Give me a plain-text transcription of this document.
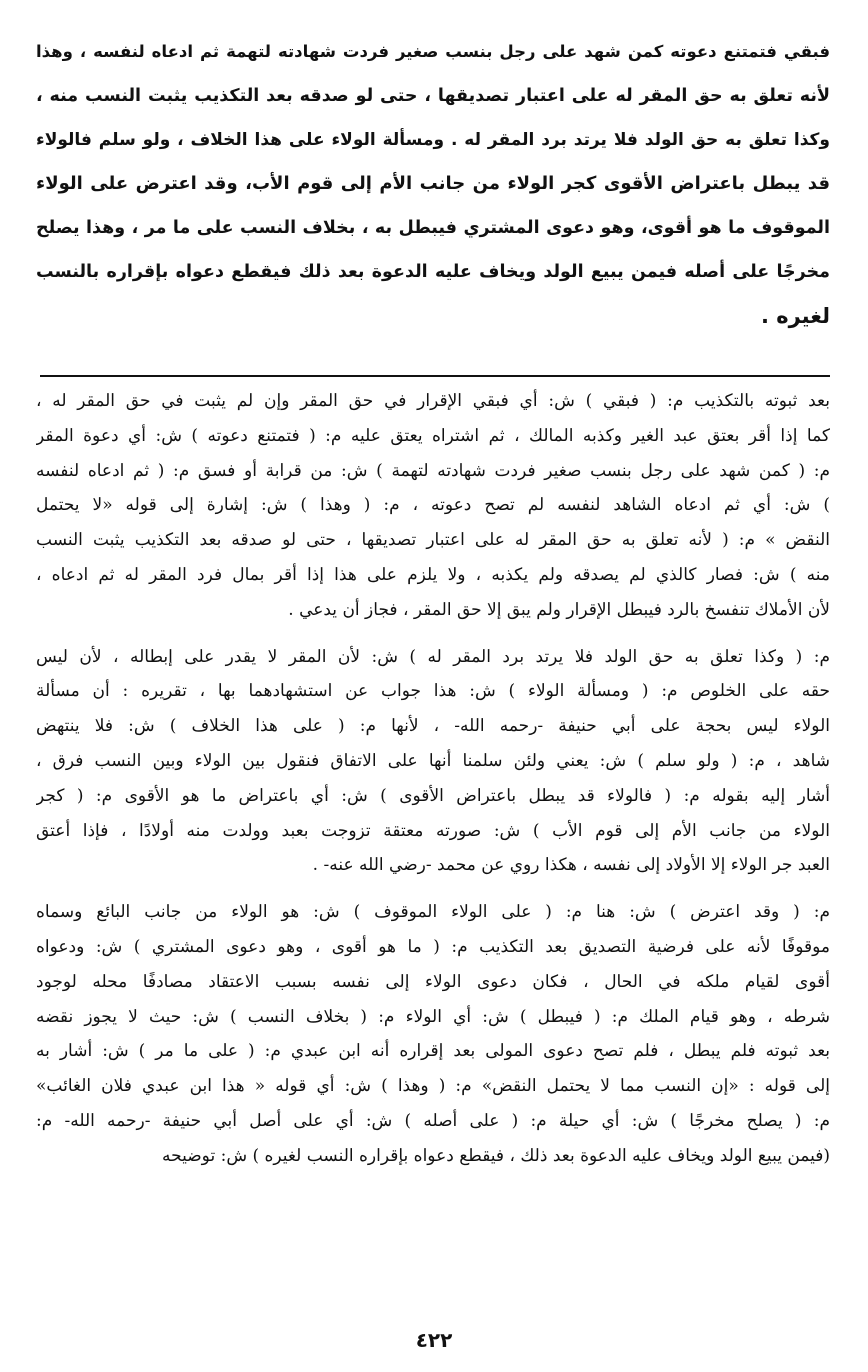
فبقي فتمتنع دعوته كمن شهد على رجل بنسب صغير فردت شهادته لتهمة ثم ادعاه لنفسه ، وهذا
لأنه تعلق به حق المقر له على اعتبار تصديقها ، حتى لو صدقه بعد التكذيب يثبت النسب منه ،
وكذا تعلق به حق الولد فلا يرتد برد المقر له . ومسألة الولاء على هذا الخلاف ، ولو سلم فالولاء
قد يبطل باعتراض الأقوى كجر الولاء من جانب الأم إلى قوم الأب، وقد اعترض على الولاء
الموقوف ما هو أقوى، وهو دعوى المشتري فيبطل به ، بخلاف النسب على ما مر ، وهذا يصلح
مخرجًا على أصله فيمن يبيع الولد ويخاف عليه الدعوة بعد ذلك فيقطع دعواه بإقراره بالنسب
لغيره .
بعد ثبوته بالتكذيب م: ( فبقي ) ش: أي فبقي الإقرار في حق المقر وإن لم يثبت في حق المقر له ،
كما إذا أقر بعتق عبد الغير وكذبه المالك ، ثم اشتراه يعتق عليه م: ( فتمتنع دعوته ) ش: أي دعوة المقر
م: ( كمن شهد على رجل بنسب صغير فردت شهادته لتهمة ) ش: من قرابة أو فسق م: ( ثم ادعاه لنفسه
) ش: أي ثم ادعاه الشاهد لنفسه لم تصح دعوته ، م: ( وهذا ) ش: إشارة إلى قوله «لا يحتمل
النقض » م: ( لأنه تعلق به حق المقر له على اعتبار تصديقها ، حتى لو صدقه بعد التكذيب يثبت النسب
منه ) ش: فصار كالذي لم يصدقه ولم يكذبه ، ولا يلزم على هذا إذا أقر بمال فرد المقر له ثم ادعاه ،
لأن الأملاك تنفسخ بالرد فيبطل الإقرار ولم يبق إلا حق المقر ، فجاز أن يدعي .
م: ( وكذا تعلق به حق الولد فلا يرتد برد المقر له ) ش: لأن المقر لا يقدر على إبطاله ، لأن ليس
حقه على الخلوص م: ( ومسألة الولاء ) ش: هذا جواب عن استشهادهما بها ، تقريره : أن مسألة
الولاء ليس بحجة على أبي حنيفة -رحمه الله- ، لأنها م: ( على هذا الخلاف ) ش: فلا ينتهض
شاهد ، م: ( ولو سلم ) ش: يعني ولئن سلمنا أنها على الاتفاق فنقول بين الولاء وبين النسب فرق ،
أشار إليه بقوله م: ( فالولاء قد يبطل باعتراض الأقوى ) ش: أي باعتراض ما هو الأقوى م: ( كجر
الولاء من جانب الأم إلى قوم الأب ) ش: صورته معتقة تزوجت بعبد وولدت منه أولادًا ، فإذا أعتق
العبد جر الولاء إلا الأولاد إلى نفسه ، هكذا روي عن محمد -رضي الله عنه- .
م: ( وقد اعترض ) ش: هنا م: ( على الولاء الموقوف ) ش: هو الولاء من جانب البائع وسماه
موقوفًا لأنه على فرضية التصديق بعد التكذيب م: ( ما هو أقوى ، وهو دعوى المشتري ) ش: ودعواه
أقوى لقيام ملكه في الحال ، فكان دعوى الولاء إلى نفسه بسبب الاعتقاد مصادفًا محله لوجود
شرطه ، وهو قيام الملك م: ( فيبطل ) ش: أي الولاء م: ( بخلاف النسب ) ش: حيث لا يجوز نقضه
بعد ثبوته فلم يبطل ، فلم تصح دعوى المولى بعد إقراره أنه ابن عبدي م: ( على ما مر ) ش: أشار به
إلى قوله : «إن النسب مما لا يحتمل النقض» م: ( وهذا ) ش: أي قوله « هذا ابن عبدي فلان الغائب»
م: ( يصلح مخرجًا ) ش: أي حيلة م: ( على أصله ) ش: أي على أصل أبي حنيفة -رحمه الله- م:
(فيمن يبيع الولد ويخاف عليه الدعوة بعد ذلك ، فيقطع دعواه بإقراره النسب لغيره ) ش: توضيحه
٤٢٢
